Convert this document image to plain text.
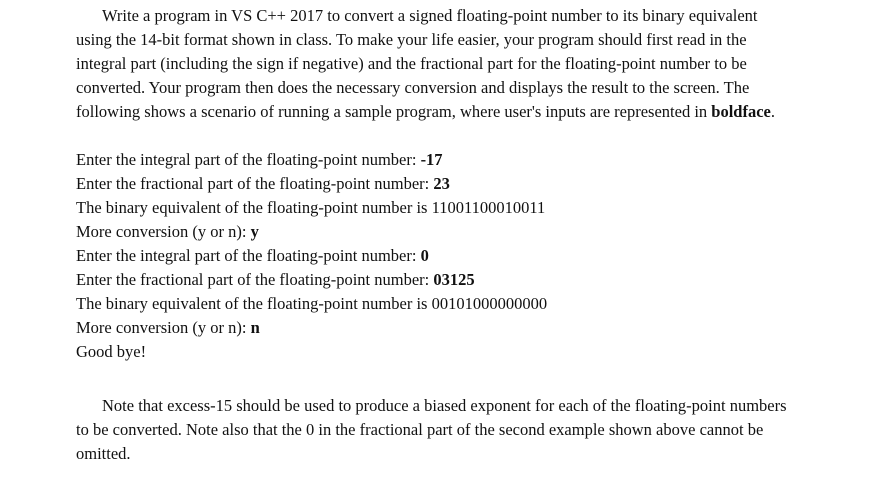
Write a program in VS C++ 2017 to convert a signed floating-point number to its binary equivalent using the 14-bit format shown in class. To make your life easier, your program should first read in the integral part (including the sign if negative) and the fractional part for the floating-point number to be converted. Your program then does the necessary conversion and displays the result to the screen. The following shows a scenario of running a sample program, where user's inputs are represented in boldface.

Enter the integral part of the floating-point number: -17
Enter the fractional part of the floating-point number: 23
The binary equivalent of the floating-point number is 11001100010011
More conversion (y or n): y
Enter the integral part of the floating-point number: 0
Enter the fractional part of the floating-point number: 03125
The binary equivalent of the floating-point number is 00101000000000
More conversion (y or n): n
Good bye!

Note that excess-15 should be used to produce a biased exponent for each of the floating-point numbers to be converted. Note also that the 0 in the fractional part of the second example shown above cannot be omitted.
